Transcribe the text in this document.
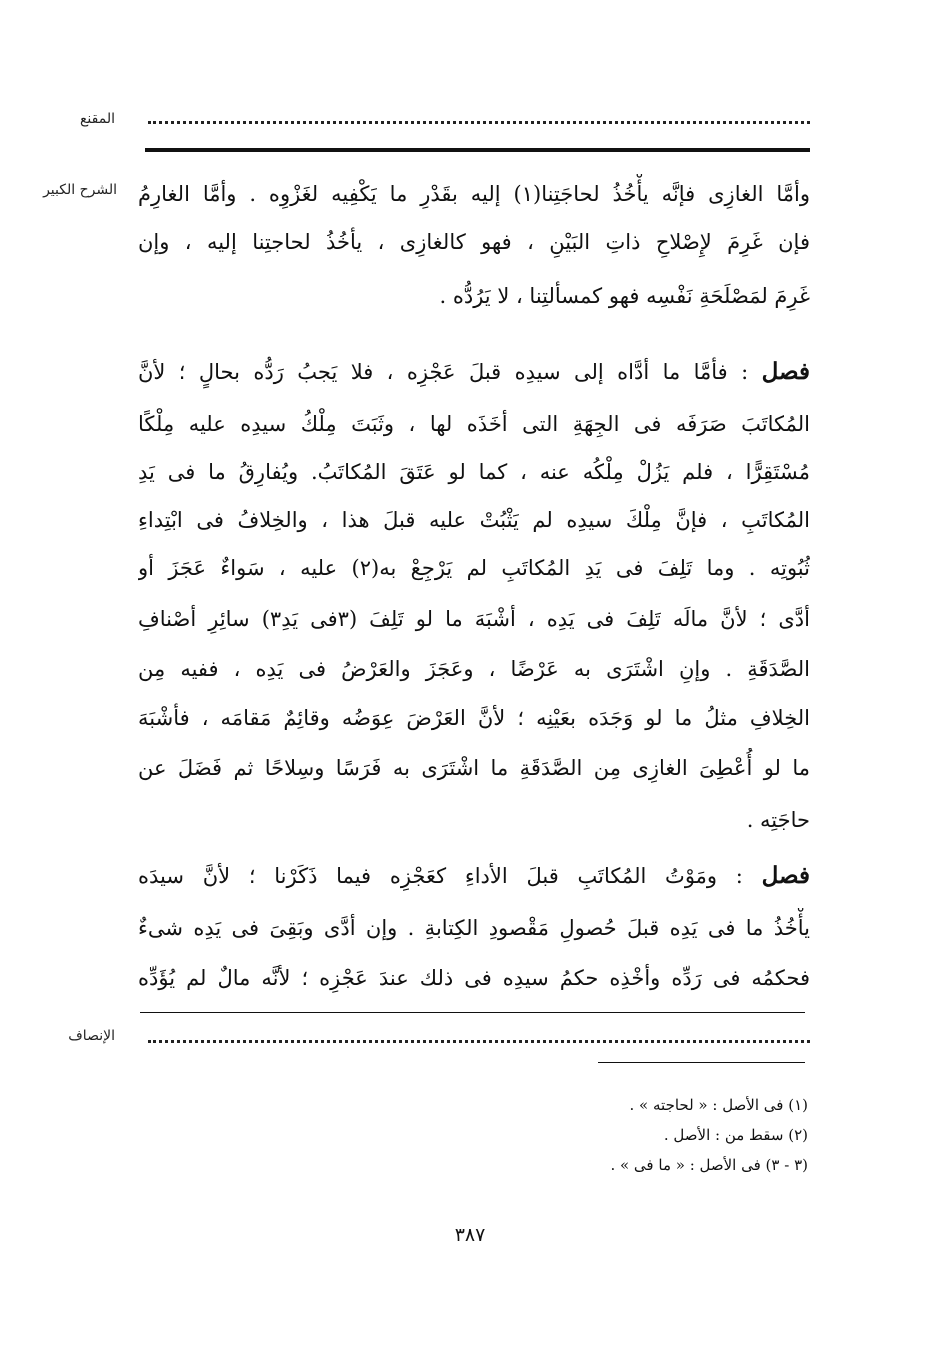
المقنع
الشرح الكبير وأمَّا الغازِى فإنَّه يأْخُذُ لحاجَتِنا(١) إليه بقَدْرِ ما يَكْفِيه لغَزْوِه . وأمَّا الغارِمُ
فإن غَرِمَ لإِصْلاحِ ذاتِ البَيْنِ ، فهو كالغازِى ، يأخُذُ لحاجتِنا إليه ، وإن
غَرِمَ لمَصْلَحَةِ نَفْسِه فهو كمسألتِنا ، لا يَرُدُّه .
فصل : فأمَّا ما أدَّاه إلى سيدِه قبلَ عَجْزِه ، فلا يَجبُ رَدُّه بحالٍ ؛ لأنَّ
المُكاتَبَ صَرَفَه فى الجِهَةِ التى أخَذَه لها ، وثَبَتَ مِلْكُ سيدِه عليه مِلْكًا
مُسْتَقِرًّا ، فلم يَزُلْ مِلْكُه عنه ، كما لو عَتَقَ المُكاتَبُ. ويُفارِقُ ما فى يَدِ
المُكاتَبِ ، فإنَّ مِلْكَ سيدِه لم يَثْبُتْ عليه قبلَ هذا ، والخِلافُ فى ابْتِداءِ
ثُبُوتِه . وما تَلِفَ فى يَدِ المُكاتَبِ لم يَرْجِعْ به(٢) عليه ، سَواءٌ عَجَزَ أو
أدَّى ؛ لأنَّ مالَه تَلِفَ فى يَدِه ، أشْبَهَ ما لو تَلِفَ (٣فى يَدِ٣) سائِرِ أصْنافِ
الصَّدَقَةِ . وإنِ اشْتَرَى به عَرْضًا ، وعَجَزَ والعَرْضُ فى يَدِه ، ففيه مِن
الخِلافِ مثلُ ما لو وَجَدَه بعَيْنِه ؛ لأنَّ العَرْضَ عِوَضُه وقائِمٌ مَقامَه ، فأشْبَهَ
ما لو أُعْطِىَ الغازِى مِن الصَّدَقَةِ ما اشْتَرَى به فَرَسًا وسِلاحًا ثم فَضَلَ عن
حاجَتِه .
فصل : ومَوْتُ المُكاتَبِ قبلَ الأداءِ كعَجْزِه فيما ذَكَرْنا ؛ لأنَّ سيدَه
يأْخُذُ ما فى يَدِه قبلَ حُصولِ مَقْصودِ الكِتابةِ . وإن أدَّى وبَقِىَ فى يَدِه شىءٌ
فحكمُه فى رَدِّه وأخْذِه حكمُ سيدِه فى ذلك عندَ عَجْزِه ؛ لأنَّه مالٌ لم يُؤَدِّه
الإنصاف
(١) فى الأصل : « لحاجته » .
(٢) سقط من : الأصل .
(٣ - ٣) فى الأصل : « ما فى » .
٣٨٧
